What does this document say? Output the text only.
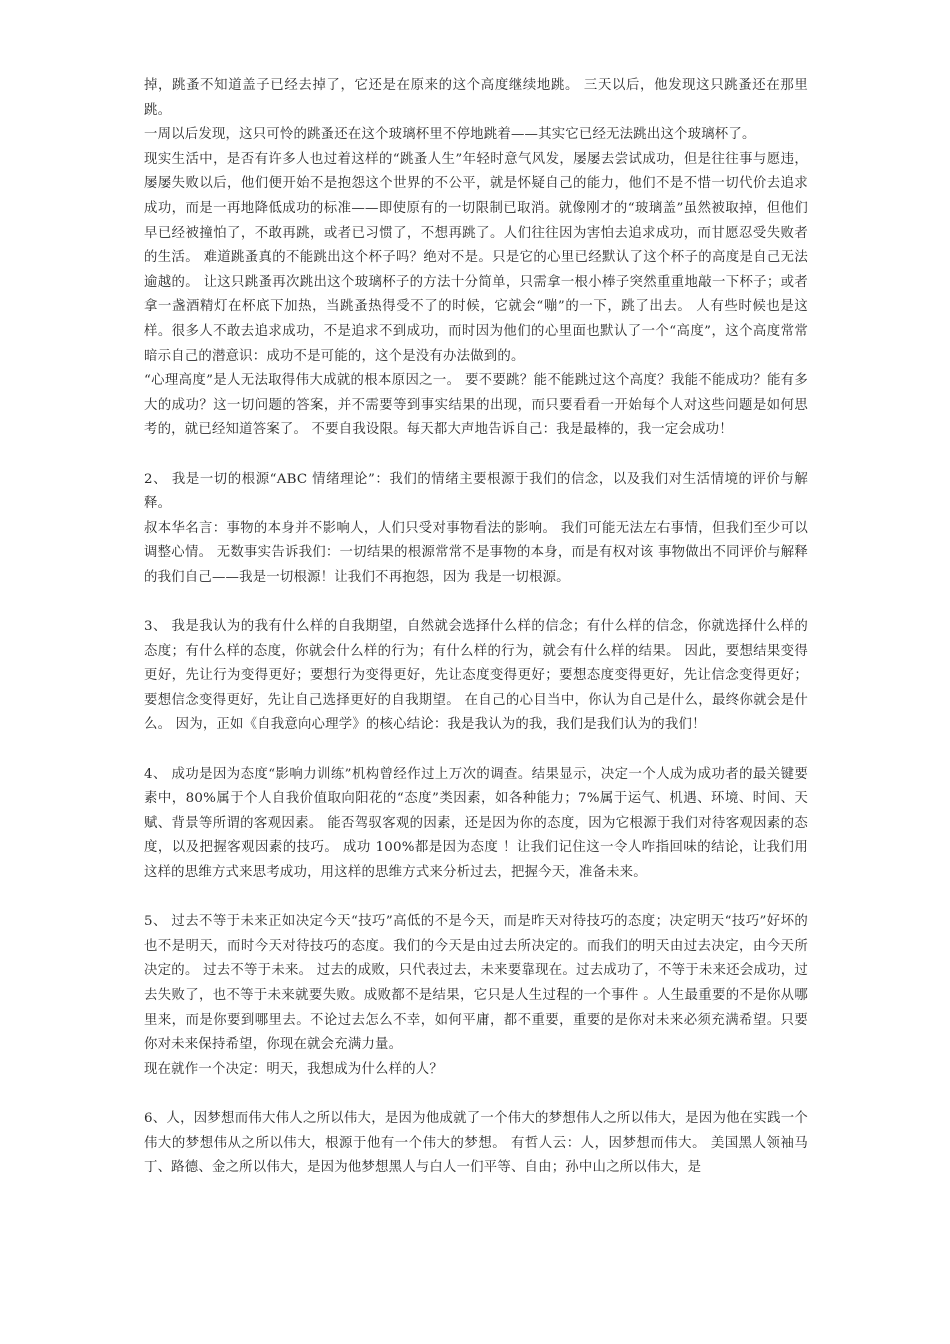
掉，跳蚤不知道盖子已经去掉了，它还是在原来的这个高度继续地跳。 三天以后，他发现这只跳蚤还在那里跳。

一周以后发现，这只可怜的跳蚤还在这个玻璃杯里不停地跳着——其实它已经无法跳出这个玻璃杯了。

现实生活中，是否有许多人也过着这样的“跳蚤人生”年轻时意气风发，屡屡去尝试成功，但是往往事与愿违，屡屡失败以后，他们便开始不是抱怨这个世界的不公平，就是怀疑自己的能力，他们不是不惜一切代价去追求成功，而是一再地降低成功的标准——即使原有的一切限制已取消。就像刚才的“玻璃盖”虽然被取掉，但他们早已经被撞怕了，不敢再跳，或者已习惯了，不想再跳了。人们往往因为害怕去追求成功，而甘愿忍受失败者的生活。 难道跳蚤真的不能跳出这个杯子吗？绝对不是。只是它的心里已经默认了这个杯子的高度是自己无法逾越的。 让这只跳蚤再次跳出这个玻璃杯子的方法十分简单，只需拿一根小棒子突然重重地敲一下杯子；或者拿一盏酒精灯在杯底下加热，当跳蚤热得受不了的时候，它就会“嘣”的一下，跳了出去。 人有些时候也是这样。很多人不敢去追求成功，不是追求不到成功，而时因为他们的心里面也默认了一个“高度”，这个高度常常暗示自己的潜意识：成功不是可能的，这个是没有办法做到的。

“心理高度”是人无法取得伟大成就的根本原因之一。 要不要跳？能不能跳过这个高度？我能不能成功？能有多大的成功？这一切问题的答案，并不需要等到事实结果的出现，而只要看看一开始每个人对这些问题是如何思考的，就已经知道答案了。 不要自我设限。每天都大声地告诉自己：我是最棒的，我一定会成功！

2、 我是一切的根源“ABC 情绪理论”：我们的情绪主要根源于我们的信念，以及我们对生活情境的评价与解释。

叔本华名言：事物的本身并不影响人，人们只受对事物看法的影响。 我们可能无法左右事情，但我们至少可以调整心情。 无数事实告诉我们：一切结果的根源常常不是事物的本身，而是有权对该 事物做出不同评价与解释的我们自己——我是一切根源！让我们不再抱怨，因为 我是一切根源。

3、 我是我认为的我有什么样的自我期望，自然就会选择什么样的信念；有什么样的信念，你就选择什么样的态度；有什么样的态度，你就会什么样的行为；有什么样的行为，就会有什么样的结果。 因此，要想结果变得更好，先让行为变得更好；要想行为变得更好，先让态度变得更好；要想态度变得更好，先让信念变得更好；要想信念变得更好，先让自己选择更好的自我期望。 在自己的心目当中，你认为自己是什么，最终你就会是什么。 因为，正如《自我意向心理学》的核心结论：我是我认为的我，我们是我们认为的我们！

4、 成功是因为态度“影响力训练”机构曾经作过上万次的调查。结果显示，决定一个人成为成功者的最关键要素中，80%属于个人自我价值取向阳花的“态度”类因素，如各种能力；7%属于运气、机遇、环境、时间、天赋、背景等所谓的客观因素。 能否驾驭客观的因素，还是因为你的态度，因为它根源于我们对待客观因素的态度，以及把握客观因素的技巧。 成功 100%都是因为态度 ！让我们记住这一令人咋指回味的结论，让我们用这样的思维方式来思考成功，用这样的思维方式来分析过去，把握今天，准备未来。

5、 过去不等于未来正如决定今天“技巧”高低的不是今天，而是昨天对待技巧的态度；决定明天“技巧”好坏的也不是明天，而时今天对待技巧的态度。我们的今天是由过去所决定的。而我们的明天由过去决定，由今天所决定的。 过去不等于未来。 过去的成败，只代表过去，未来要靠现在。过去成功了，不等于未来还会成功，过去失败了，也不等于未来就要失败。成败都不是结果，它只是人生过程的一个事件 。人生最重要的不是你从哪里来，而是你要到哪里去。不论过去怎么不幸，如何平庸，都不重要，重要的是你对未来必须充满希望。只要你对未来保持希望，你现在就会充满力量。

现在就作一个决定：明天，我想成为什么样的人？

6、人，因梦想而伟大伟人之所以伟大，是因为他成就了一个伟大的梦想伟人之所以伟大，是因为他在实践一个伟大的梦想伟从之所以伟大，根源于他有一个伟大的梦想。 有哲人云：人，因梦想而伟大。 美国黑人领袖马丁、路德、金之所以伟大，是因为他梦想黑人与白人一们平等、自由；孙中山之所以伟大，是
